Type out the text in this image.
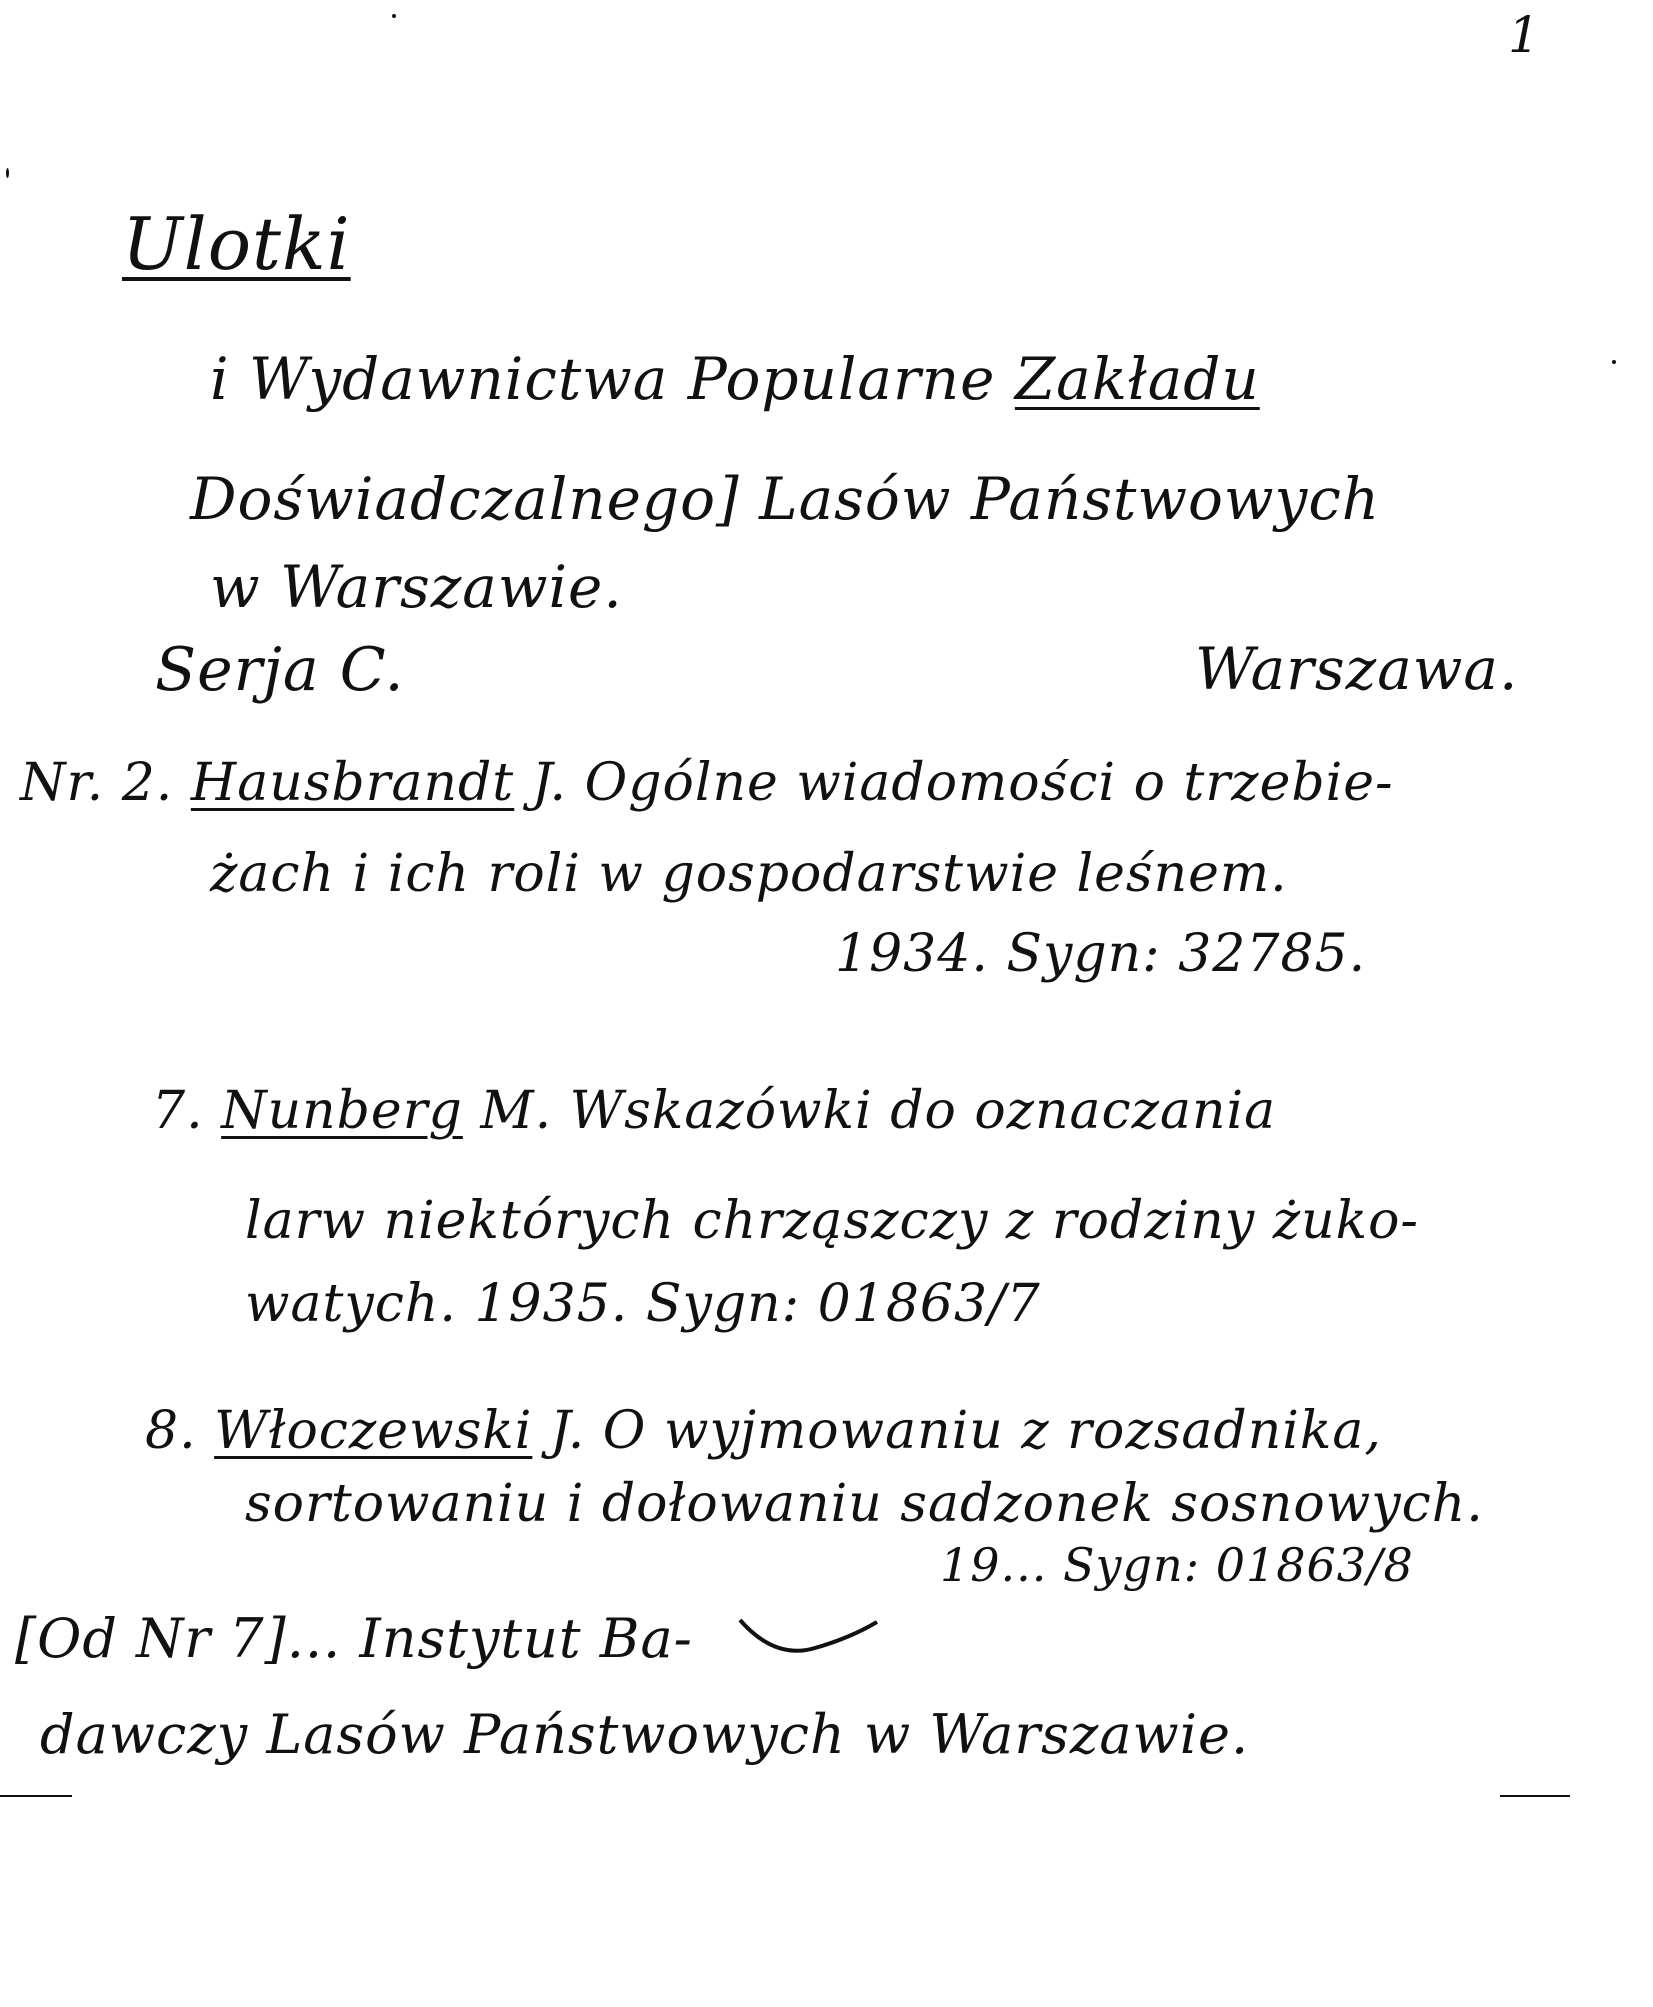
1
Ulotki
i Wydawnictwa Popularne Zakładu
Doświadczalnego] Lasów Państwowych
w Warszawie.
Serja C.	Warszawa.
Nr. 2. Hausbrandt J. Ogólne wiadomości o trzebie-
żach i ich roli w gospodarstwie leśnem.
1934. Sygn: 32785.
7. Nunberg M. Wskazówki do oznaczania
larw niektórych chrząszczy z rodziny żuko-
watych. 1935. Sygn: 01863/7
8. Włoczewski J. O wyjmowaniu z rozsadnika,
sortowaniu i dołowaniu sadzonek sosnowych.
19... Sygn: 01863/8
[Od Nr 7]... Instytut Ba-
dawczy Lasów Państwowych w Warszawie.
